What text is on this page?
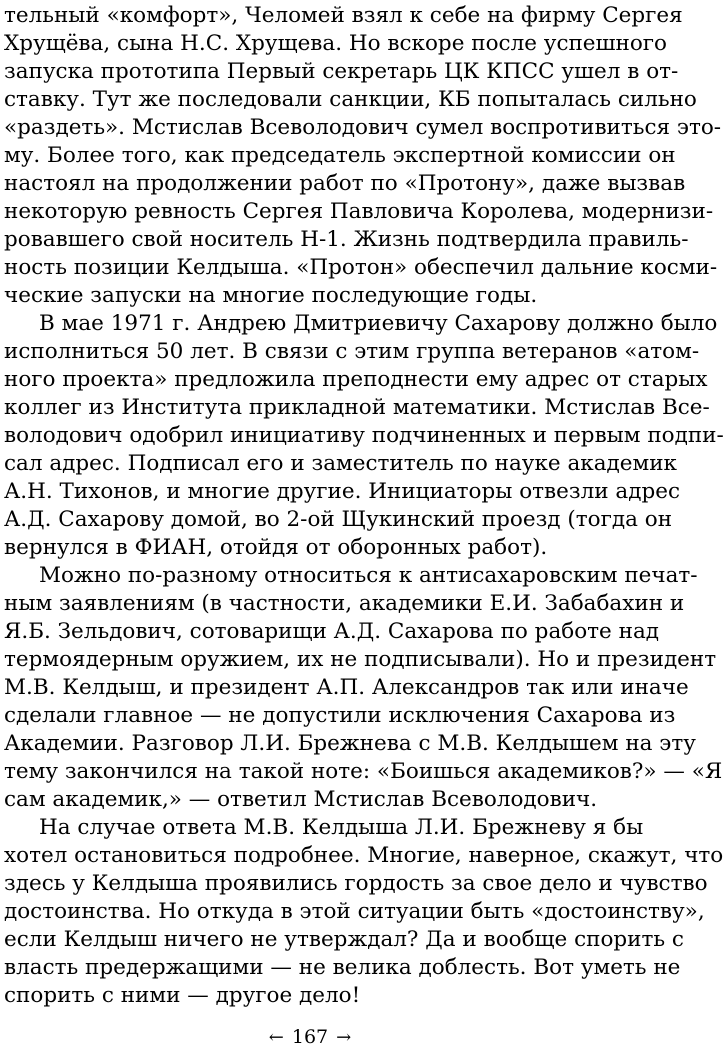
тельный «комфорт», Челомей взял к себе на фирму Сергея
Хрущёва, сына Н.С. Хрущева. Но вскоре после успешного
запуска прототипа Первый секретарь ЦК КПСС ушел в от-
ставку. Тут же последовали санкции, КБ попыталась сильно
«раздеть». Мстислав Всеволодович сумел воспротивиться это-
му. Более того, как председатель экспертной комиссии он
настоял на продолжении работ по «Протону», даже вызвав
некоторую ревность Сергея Павловича Королева, модернизи-
ровавшего свой носитель Н-1. Жизнь подтвердила правиль-
ность позиции Келдыша. «Протон» обеспечил дальние косми-
ческие запуски на многие последующие годы.
В мае 1971 г. Андрею Дмитриевичу Сахарову должно было
исполниться 50 лет. В связи с этим группа ветеранов «атом-
ного проекта» предложила преподнести ему адрес от старых
коллег из Института прикладной математики. Мстислав Все-
володович одобрил инициативу подчиненных и первым подпи-
сал адрес. Подписал его и заместитель по науке академик
А.Н. Тихонов, и многие другие. Инициаторы отвезли адрес
А.Д. Сахарову домой, во 2-ой Щукинский проезд (тогда он
вернулся в ФИАН, отойдя от оборонных работ).
Можно по-разному относиться к антисахаровским печат-
ным заявлениям (в частности, академики Е.И. Забабахин и
Я.Б. Зельдович, сотоварищи А.Д. Сахарова по работе над
термоядерным оружием, их не подписывали). Но и президент
М.В. Келдыш, и президент А.П. Александров так или иначе
сделали главное — не допустили исключения Сахарова из
Академии. Разговор Л.И. Брежнева с М.В. Келдышем на эту
тему закончился на такой ноте: «Боишься академиков?» — «Я
сам академик,» — ответил Мстислав Всеволодович.
На случае ответа М.В. Келдыша Л.И. Брежневу я бы
хотел остановиться подробнее. Многие, наверное, скажут, что
здесь у Келдыша проявились гордость за свое дело и чувство
достоинства. Но откуда в этой ситуации быть «достоинству»,
если Келдыш ничего не утверждал? Да и вообще спорить с
власть предержащими — не велика доблесть. Вот уметь не
спорить с ними — другое дело!
← 167 →
